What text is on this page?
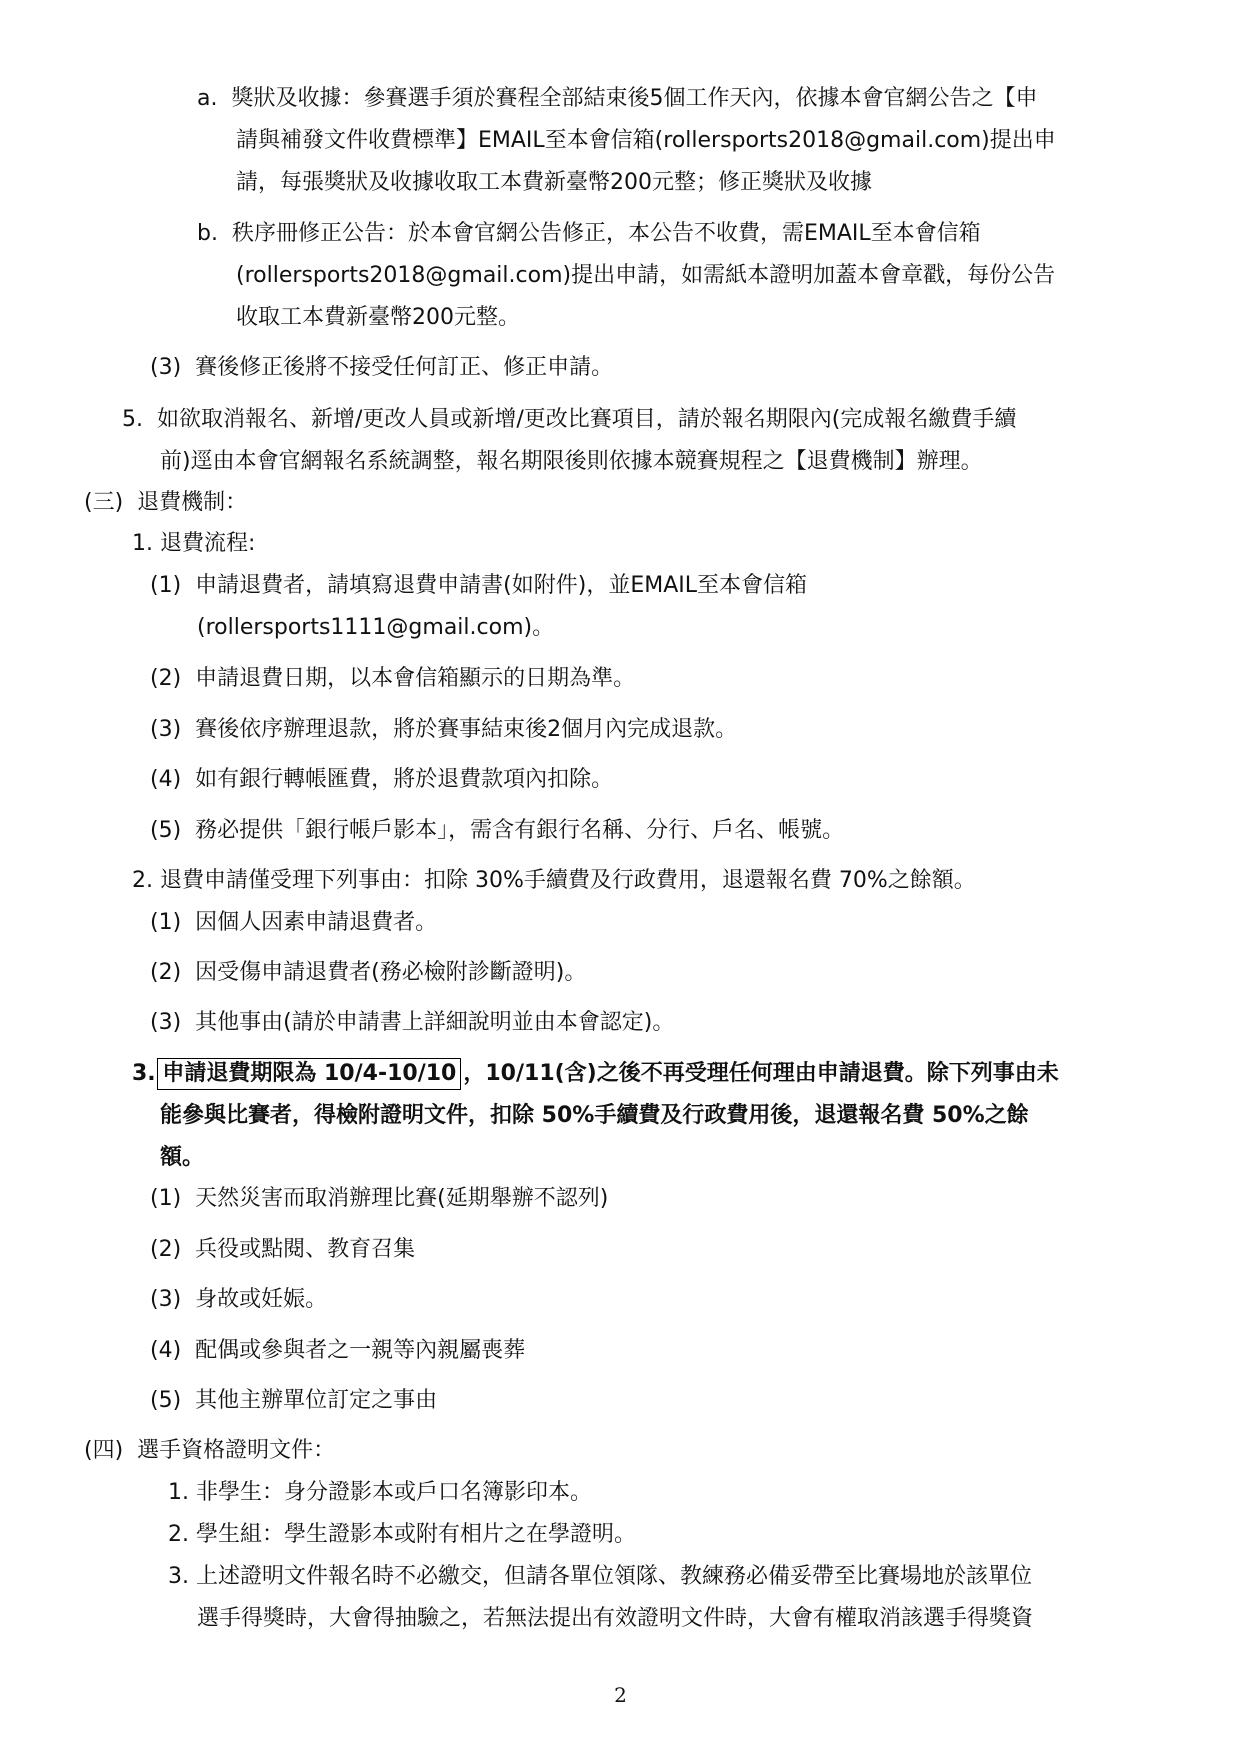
a.  獎狀及收據：參賽選手須於賽程全部結束後5個工作天內，依據本會官網公告之【申
請與補發文件收費標準】EMAIL至本會信箱(rollersports2018@gmail.com)提出申
請，每張獎狀及收據收取工本費新臺幣200元整；修正獎狀及收據
b.  秩序冊修正公告：於本會官網公告修正，本公告不收費，需EMAIL至本會信箱
(rollersports2018@gmail.com)提出申請，如需紙本證明加蓋本會章戳，每份公告
收取工本費新臺幣200元整。
(3)  賽後修正後將不接受任何訂正、修正申請。
5.  如欲取消報名、新增/更改人員或新增/更改比賽項目，請於報名期限內(完成報名繳費手續
前)逕由本會官網報名系統調整，報名期限後則依據本競賽規程之【退費機制】辦理。
(三)  退費機制：
1. 退費流程:
(1)  申請退費者，請填寫退費申請書(如附件)，並EMAIL至本會信箱
(rollersports1111@gmail.com)。
(2)  申請退費日期，以本會信箱顯示的日期為準。
(3)  賽後依序辦理退款，將於賽事結束後2個月內完成退款。
(4)  如有銀行轉帳匯費，將於退費款項內扣除。
(5)  務必提供「銀行帳戶影本」，需含有銀行名稱、分行、戶名、帳號。
2. 退費申請僅受理下列事由：扣除 30%手續費及行政費用，退還報名費 70%之餘額。
(1)  因個人因素申請退費者。
(2)  因受傷申請退費者(務必檢附診斷證明)。
(3)  其他事由(請於申請書上詳細說明並由本會認定)。
3. 申請退費期限為 10/4-10/10 ，10/11(含)之後不再受理任何理由申請退費。除下列事由未
能參與比賽者，得檢附證明文件，扣除 50%手續費及行政費用後，退還報名費 50%之餘
額。
(1)  天然災害而取消辦理比賽(延期舉辦不認列)
(2)  兵役或點閱、教育召集
(3)  身故或妊娠。
(4)  配偶或參與者之一親等內親屬喪葬
(5)  其他主辦單位訂定之事由
(四)  選手資格證明文件：
1. 非學生：身分證影本或戶口名簿影印本。
2. 學生組：學生證影本或附有相片之在學證明。
3. 上述證明文件報名時不必繳交，但請各單位領隊、教練務必備妥帶至比賽場地於該單位
選手得獎時，大會得抽驗之，若無法提出有效證明文件時，大會有權取消該選手得獎資
2
